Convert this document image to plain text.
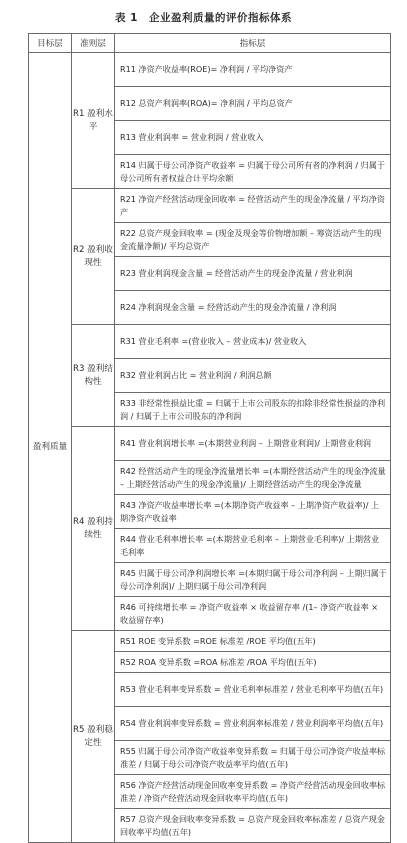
表 1　企业盈利质量的评价指标体系
目标层	准则层	指标层
盈利质量	R1 盈利水平	R11 净资产收益率(ROE)= 净利润 / 平均净资产
		R12 总资产利润率(ROA)= 净利润 / 平均总资产
		R13 营业利润率 = 营业利润 / 营业收入
		R14 归属于母公司净资产收益率 = 归属于母公司所有者的净利润 / 归属于母公司所有者权益合计平均余额
	R2 盈利收现性	R21 净资产经营活动现金回收率 = 经营活动产生的现金净流量 / 平均净资产
		R22 总资产现金回收率 = (现金及现金等价物增加额 – 筹资活动产生的现金流量净额)/ 平均总资产
		R23 营业利润现金含量 = 经营活动产生的现金净流量 / 营业利润
		R24 净利润现金含量 = 经营活动产生的现金净流量 / 净利润
	R3 盈利结构性	R31 营业毛利率 =(营业收入 – 营业成本)/ 营业收入
		R32 营业利润占比 = 营业利润 / 利润总额
		R33 非经常性损益比重 = 归属于上市公司股东的扣除非经常性损益的净利润 / 归属于上市公司股东的净利润
	R4 盈利持续性	R41 营业利润增长率 =(本期营业利润 – 上期营业利润)/ 上期营业利润
		R42 经营活动产生的现金净流量增长率 =(本期经营活动产生的现金净流量 – 上期经营活动产生的现金净流量)/ 上期经营活动产生的现金净流量
		R43 净资产收益率增长率 =(本期净资产收益率 – 上期净资产收益率)/ 上期净资产收益率
		R44 营业毛利率增长率 =(本期营业毛利率 – 上期营业毛利率)/ 上期营业毛利率
		R45 归属于母公司净利润增长率 =(本期归属于母公司净利润 – 上期归属于母公司净利润)/ 上期归属于母公司净利润
		R46 可持续增长率 = 净资产收益率 × 收益留存率 /(1– 净资产收益率 × 收益留存率)
	R5 盈利稳定性	R51 ROE 变异系数 =ROE 标准差 /ROE 平均值(五年)
		R52 ROA 变异系数 =ROA 标准差 /ROA 平均值(五年)
		R53 营业毛利率变异系数 = 营业毛利率标准差 / 营业毛利率平均值(五年)
		R54 营业利润率变异系数 = 营业利润率标准差 / 营业利润率平均值(五年)
		R55 归属于母公司净资产收益率变异系数 = 归属于母公司净资产收益率标准差 / 归属于母公司净资产收益率平均值(五年)
		R56 净资产经营活动现金回收率变异系数 = 净资产经营活动现金回收率标准差 / 净资产经营活动现金回收率平均值(五年)
		R57 总资产现金回收率变异系数 = 总资产现金回收率标准差 / 总资产现金回收率平均值(五年)
